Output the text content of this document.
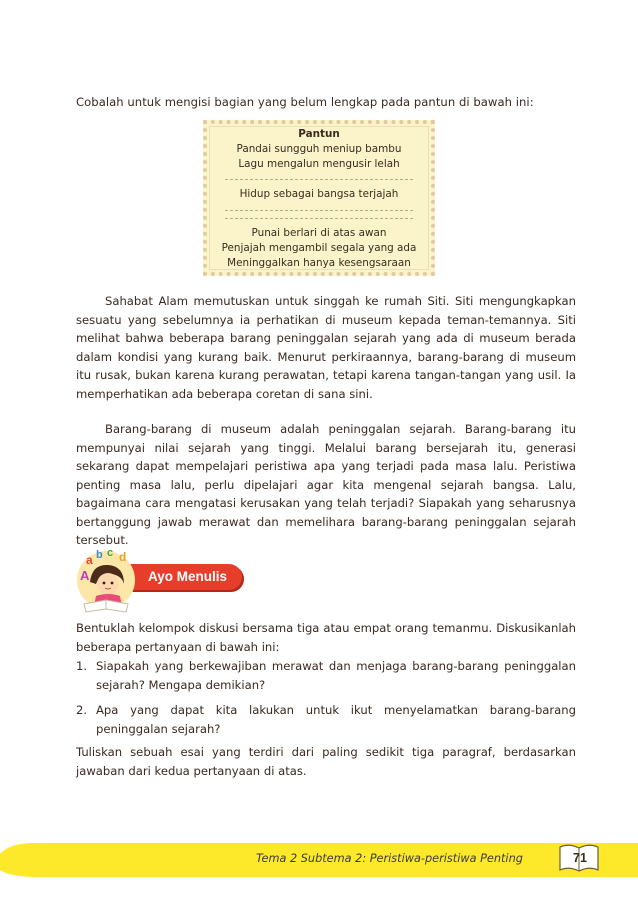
Cobalah untuk mengisi bagian yang belum lengkap pada pantun di bawah ini:
Pantun
Pandai sungguh meniup bambu
Lagu mengalun mengusir lelah
Hidup sebagai bangsa terjajah
Punai berlari di atas awan
Penjajah mengambil segala yang ada
Meninggalkan hanya kesengsaraan
Sahabat Alam memutuskan untuk singgah ke rumah Siti. Siti mengungkapkan sesuatu yang sebelumnya ia perhatikan di museum kepada teman-temannya. Siti melihat bahwa beberapa barang peninggalan sejarah yang ada di museum berada dalam kondisi yang kurang baik. Menurut perkiraannya, barang-barang di museum itu rusak, bukan karena kurang perawatan, tetapi karena tangan-tangan yang usil. Ia memperhatikan ada beberapa coretan di sana sini.
Barang-barang di museum adalah peninggalan sejarah. Barang-barang itu mempunyai nilai sejarah yang tinggi. Melalui barang bersejarah itu, generasi sekarang dapat mempelajari peristiwa apa yang terjadi pada masa lalu. Peristiwa penting masa lalu, perlu dipelajari agar kita mengenal sejarah bangsa. Lalu, bagaimana cara mengatasi kerusakan yang telah terjadi? Siapakah yang seharusnya bertanggung jawab merawat dan memelihara barang-barang peninggalan sejarah tersebut.
a b c d
A	Ayo Menulis
Bentuklah kelompok diskusi bersama tiga atau empat orang temanmu. Diskusikanlah beberapa pertanyaan di bawah ini:
1. Siapakah yang berkewajiban merawat dan menjaga barang-barang peninggalan sejarah? Mengapa demikian?
2. Apa yang dapat kita lakukan untuk ikut menyelamatkan barang-barang peninggalan sejarah?
Tuliskan sebuah esai yang terdiri dari paling sedikit tiga paragraf, berdasarkan jawaban dari kedua pertanyaan di atas.
Tema 2 Subtema 2: Peristiwa-peristiwa Penting	71
